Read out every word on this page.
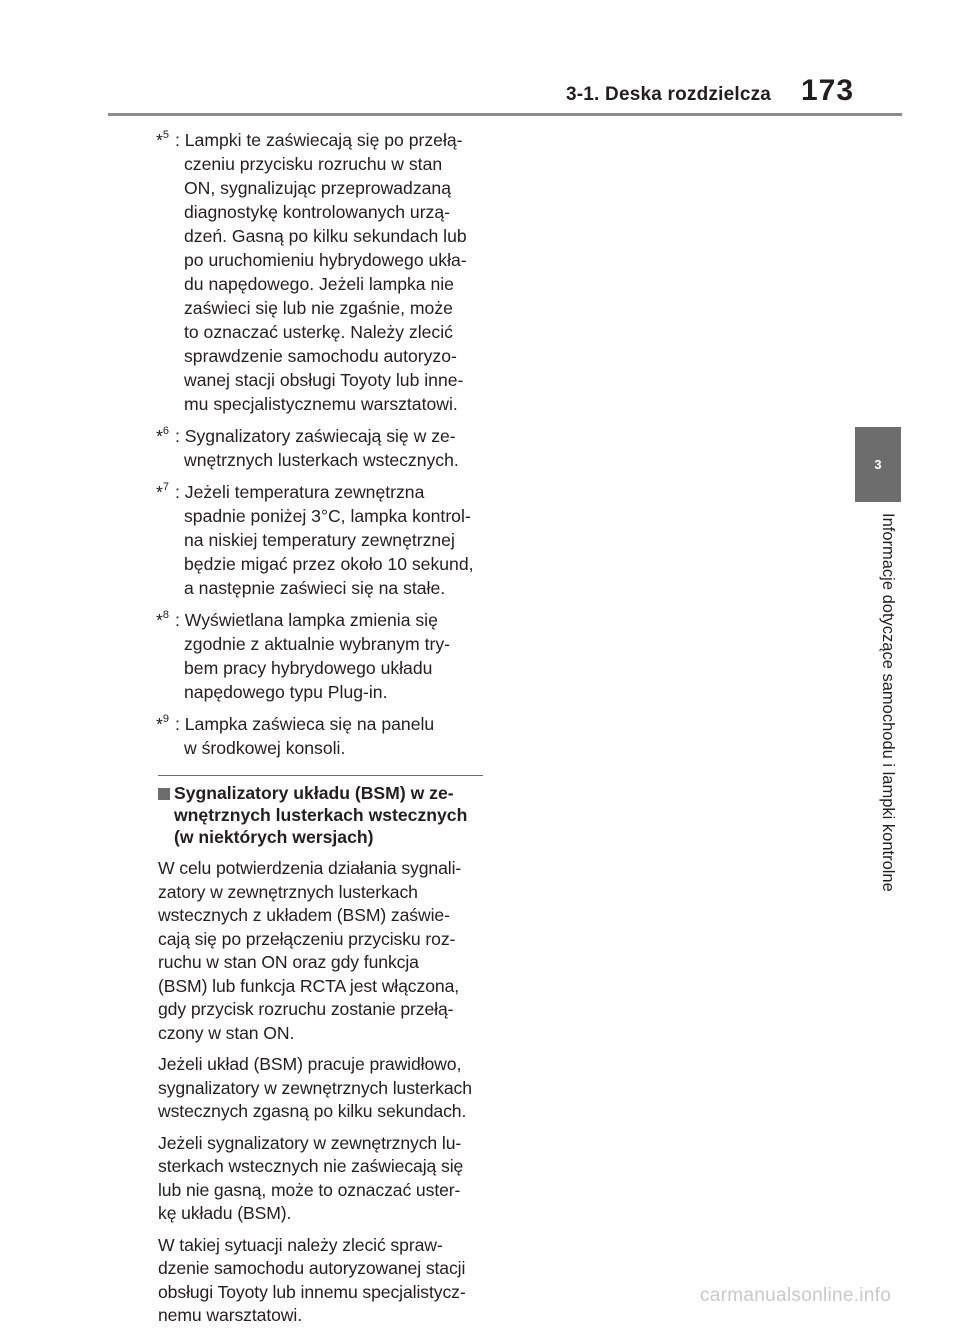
3-1. Deska rozdzielcza 173
3
Informacje dotyczące samochodu i lampki kontrolne
*$^5$ : Lampki te zaświecają się po przełą-
czeniu przycisku rozruchu w stan
ON, sygnalizując przeprowadzaną
diagnostykę kontrolowanych urzą-
dzeń. Gasną po kilku sekundach lub
po uruchomieniu hybrydowego ukła-
du napędowego. Jeżeli lampka nie
zaświeci się lub nie zgaśnie, może
to oznaczać usterkę. Należy zlecić
sprawdzenie samochodu autoryzo-
wanej stacji obsługi Toyoty lub inne-
mu specjalistycznemu warsztatowi.
*$^6$ : Sygnalizatory zaświecają się w ze-
wnętrznych lusterkach wstecznych.
*$^7$ : Jeżeli temperatura zewnętrzna
spadnie poniżej 3°C, lampka kontrol-
na niskiej temperatury zewnętrznej
będzie migać przez około 10 sekund,
a następnie zaświeci się na stałe.
*$^8$ : Wyświetlana lampka zmienia się
zgodnie z aktualnie wybranym try-
bem pracy hybrydowego układu
napędowego typu Plug-in.
*$^9$ : Lampka zaświeca się na panelu
w środkowej konsoli.
Sygnalizatory układu (BSM) w ze-
wnętrznych lusterkach wstecznych
(w niektórych wersjach)
W celu potwierdzenia działania sygnali-
zatory w zewnętrznych lusterkach
wstecznych z układem (BSM) zaświe-
cają się po przełączeniu przycisku roz-
ruchu w stan ON oraz gdy funkcja
(BSM) lub funkcja RCTA jest włączona,
gdy przycisk rozruchu zostanie przełą-
czony w stan ON.
Jeżeli układ (BSM) pracuje prawidłowo,
sygnalizatory w zewnętrznych lusterkach
wstecznych zgasną po kilku sekundach.
Jeżeli sygnalizatory w zewnętrznych lu-
sterkach wstecznych nie zaświecają się
lub nie gasną, może to oznaczać uster-
kę układu (BSM).
W takiej sytuacji należy zlecić spraw-
dzenie samochodu autoryzowanej stacji
obsługi Toyoty lub innemu specjalistycz-
nemu warsztatowi.
carmanualsonline.info
